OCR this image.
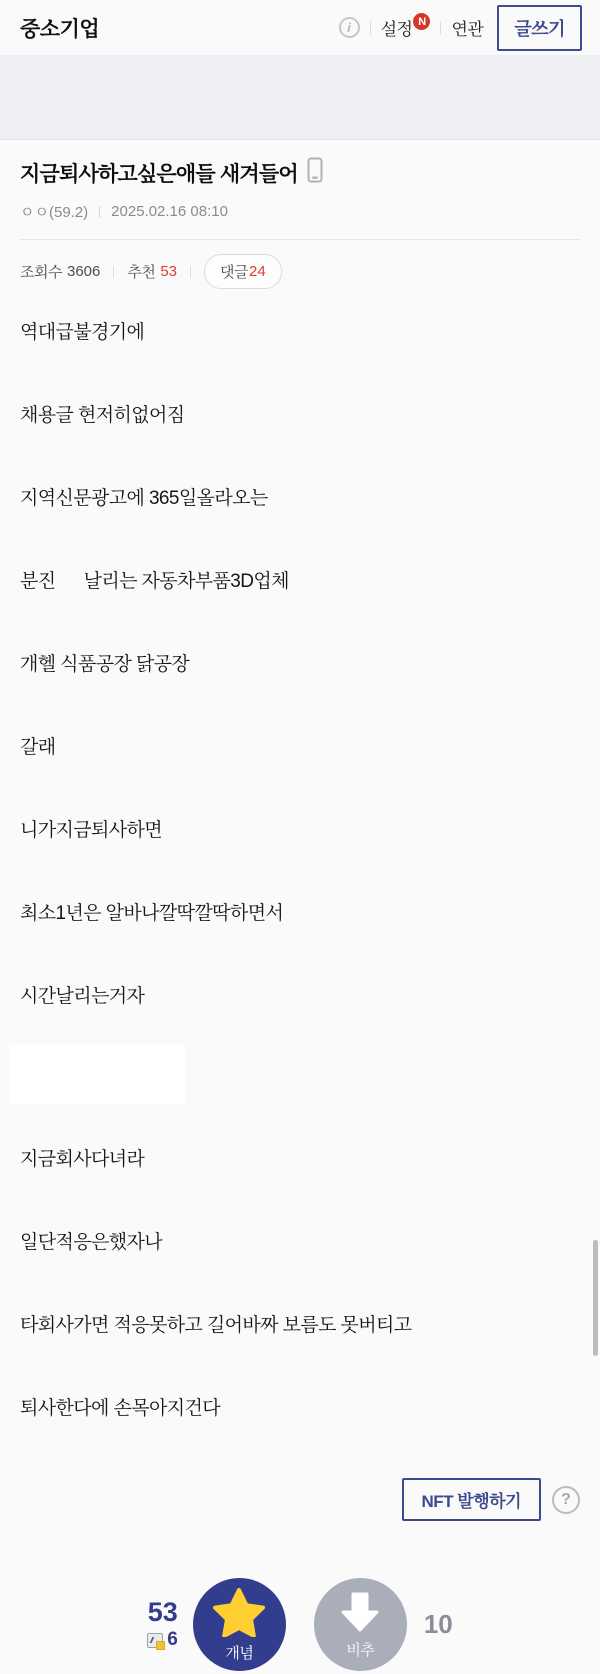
중소기업	i	설정 N 연관	글쓰기
지금퇴사하고싶은애들 새겨들어
ㅇㅇ(59.2) 2025.02.16 08:10
조회수 3606 추천 53	댓글 24

역대급불경기에

채용글 현저히없어짐

지역신문광고에 365일올라오는

분진      날리는 자동차부품3D업체

개헬 식품공장 닭공장

갈래

니가지금퇴사하면

최소1년은 알바나깔딱깔딱하면서

시간날리는거자

지금회사다녀라

일단적응은했자나

타회사가면 적응못하고 길어바짜 보름도 못버티고

퇴사한다에 손목아지건다

NFT 발행하기	?
53
6
개념	비추
10
